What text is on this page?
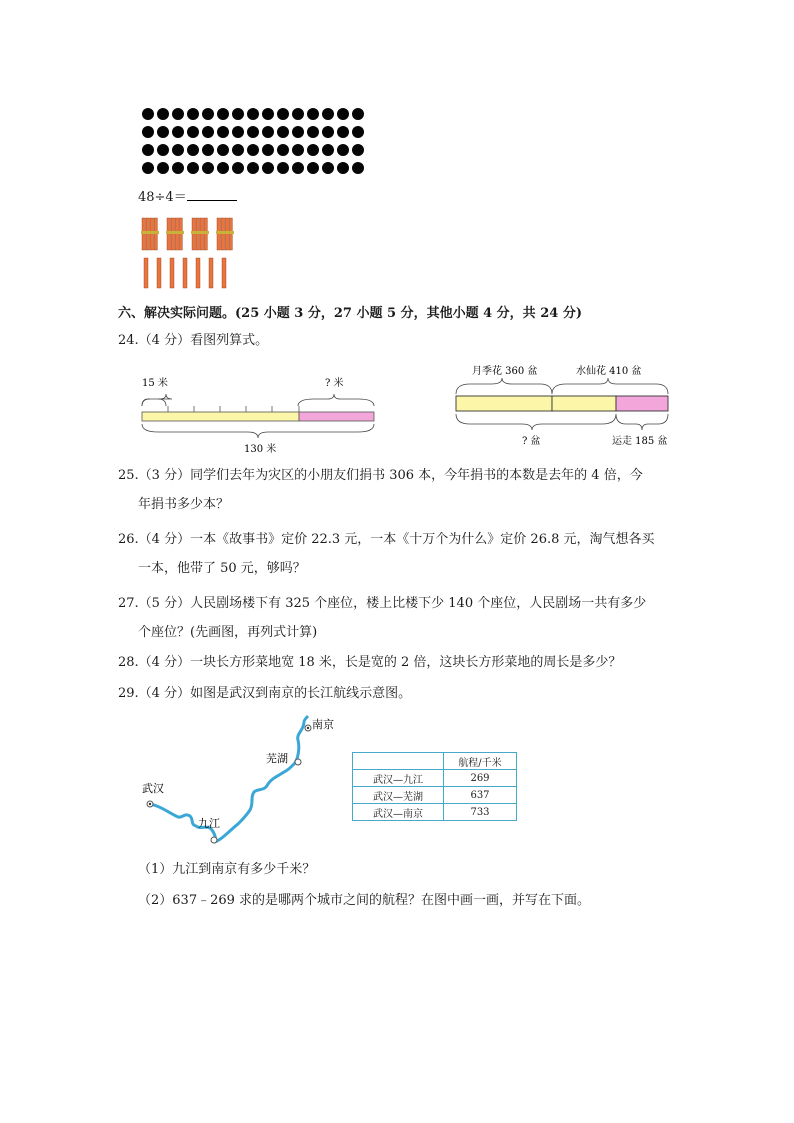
48÷4＝
六、解决实际问题。(25 小题 3 分，27 小题 5 分，其他小题 4 分，共 24 分)
24.（4 分）看图列算式。
15 米	? 米
130 米
月季花 360 盆	水仙花 410 盆
? 盆	运走 185 盆
25.（3 分）同学们去年为灾区的小朋友们捐书 306 本，今年捐书的本数是去年的 4 倍，今
年捐书多少本？
26.（4 分）一本《故事书》定价 22.3 元，一本《十万个为什么》定价 26.8 元，淘气想各买
一本，他带了 50 元，够吗？
27.（5 分）人民剧场楼下有 325 个座位，楼上比楼下少 140 个座位，人民剧场一共有多少
个座位？(先画图，再列式计算)
28.（4 分）一块长方形菜地宽 18 米，长是宽的 2 倍，这块长方形菜地的周长是多少？
29.（4 分）如图是武汉到南京的长江航线示意图。
武汉
九江
芜湖
南京
	航程/千米
武汉—九江	269
武汉—芜湖	637
武汉—南京	733
（1）九江到南京有多少千米？
（2）637﹣269 求的是哪两个城市之间的航程？在图中画一画，并写在下面。
